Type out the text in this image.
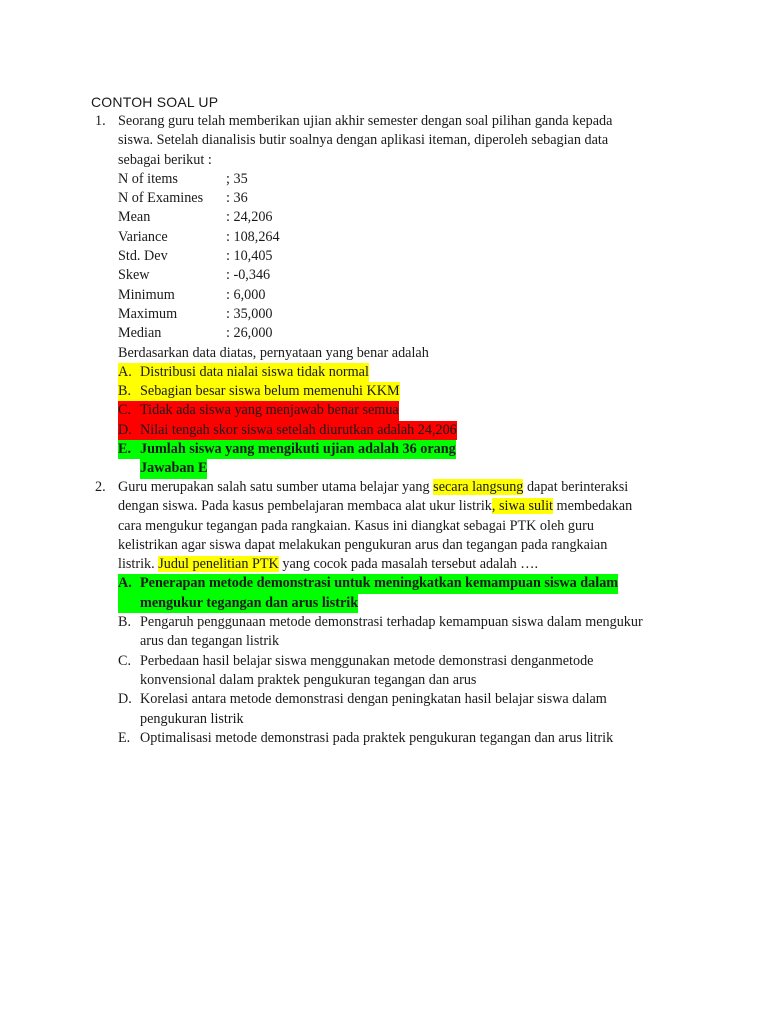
CONTOH SOAL UP
1. Seorang guru telah memberikan ujian akhir semester dengan soal pilihan ganda kepada
siswa. Setelah dianalisis butir soalnya dengan aplikasi iteman, diperoleh sebagian data
sebagai berikut :
N of items	; 35
N of Examines	: 36
Mean	: 24,206
Variance	: 108,264
Std. Dev	: 10,405
Skew	: -0,346
Minimum	: 6,000
Maximum	: 35,000
Median	: 26,000
Berdasarkan data diatas, pernyataan yang benar adalah
A. Distribusi data nialai siswa tidak normal
B. Sebagian besar siswa belum memenuhi KKM
C. Tidak ada siswa yang menjawab benar semua
D. Nilai tengah skor siswa setelah diurutkan adalah 24,206
E. Jumlah siswa yang mengikuti ujian adalah 36 orang
Jawaban E
2. Guru merupakan salah satu sumber utama belajar yang secara langsung dapat berinteraksi
dengan siswa. Pada kasus pembelajaran membaca alat ukur listrik, siwa sulit membedakan
cara mengukur tegangan pada rangkaian. Kasus ini diangkat sebagai PTK oleh guru
kelistrikan agar siswa dapat melakukan pengukuran arus dan tegangan pada rangkaian
listrik. Judul penelitian PTK yang cocok pada masalah tersebut adalah ….
A. Penerapan metode demonstrasi untuk meningkatkan kemampuan siswa dalam
mengukur tegangan dan arus listrik
B. Pengaruh penggunaan metode demonstrasi terhadap kemampuan siswa dalam mengukur
arus dan tegangan listrik
C. Perbedaan hasil belajar siswa menggunakan metode demonstrasi denganmetode
konvensional dalam praktek pengukuran tegangan dan arus
D. Korelasi antara metode demonstrasi dengan peningkatan hasil belajar siswa dalam
pengukuran listrik
E. Optimalisasi metode demonstrasi pada praktek pengukuran tegangan dan arus litrik
